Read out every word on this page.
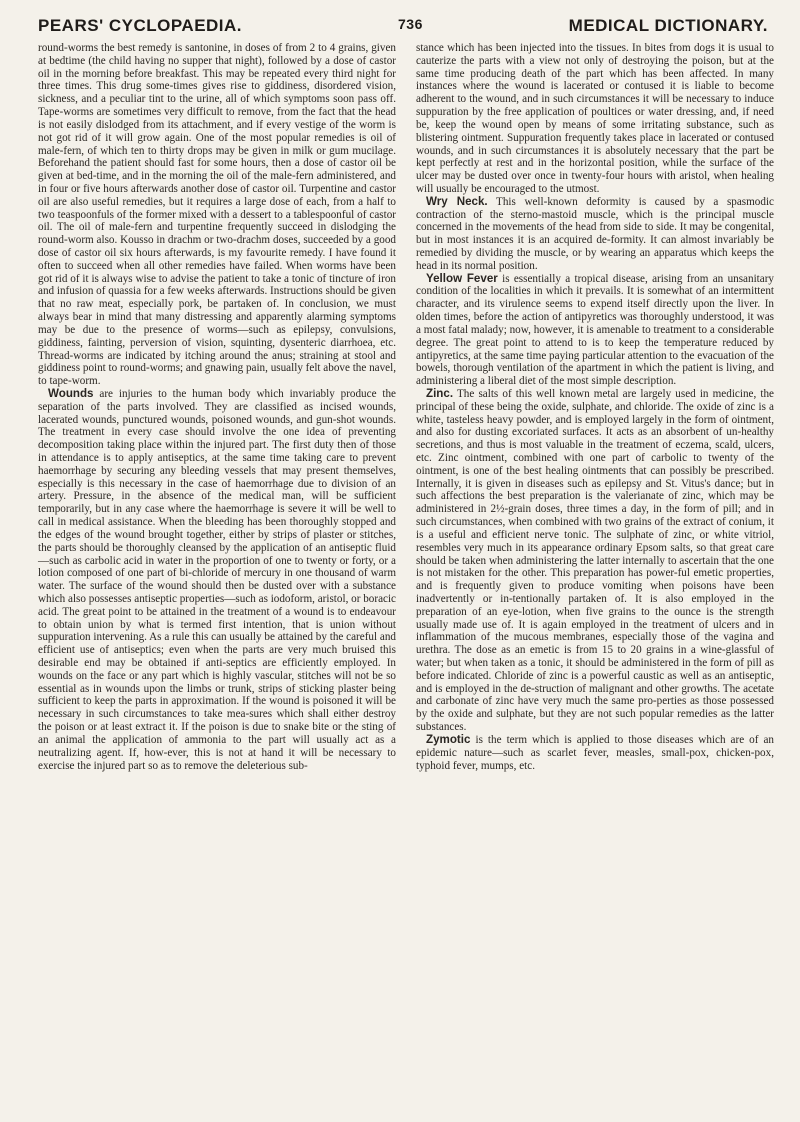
PEARS' CYCLOPAEDIA.	736	MEDICAL DICTIONARY.

round-worms the best remedy is santonine, in doses of from 2 to 4 grains, given at bedtime (the child having no supper that night), followed by a dose of castor oil in the morning before breakfast. This may be repeated every third night for three times. This drug some-times gives rise to giddiness, disordered vision, sickness, and a peculiar tint to the urine, all of which symptoms soon pass off. Tape-worms are sometimes very difficult to remove, from the fact that the head is not easily dislodged from its attachment, and if every vestige of the worm is not got rid of it will grow again. One of the most popular remedies is oil of male-fern, of which ten to thirty drops may be given in milk or gum mucilage. Beforehand the patient should fast for some hours, then a dose of castor oil be given at bed-time, and in the morning the oil of the male-fern administered, and in four or five hours afterwards another dose of castor oil. Turpentine and castor oil are also useful remedies, but it requires a large dose of each, from a half to two teaspoonfuls of the former mixed with a dessert to a tablespoonful of castor oil. The oil of male-fern and turpentine frequently succeed in dislodging the round-worm also. Kousso in drachm or two-drachm doses, succeeded by a good dose of castor oil six hours afterwards, is my favourite remedy. I have found it often to succeed when all other remedies have failed. When worms have been got rid of it is always wise to advise the patient to take a tonic of tincture of iron and infusion of quassia for a few weeks afterwards. Instructions should be given that no raw meat, especially pork, be partaken of. In conclusion, we must always bear in mind that many distressing and apparently alarming symptoms may be due to the presence of worms—such as epilepsy, convulsions, giddiness, fainting, perversion of vision, squinting, dysenteric diarrhoea, etc. Thread-worms are indicated by itching around the anus; straining at stool and giddiness point to round-worms; and gnawing pain, usually felt above the navel, to tape-worm.

Wounds are injuries to the human body which invariably produce the separation of the parts involved. They are classified as incised wounds, lacerated wounds, punctured wounds, poisoned wounds, and gun-shot wounds. The treatment in every case should involve the one idea of preventing decomposition taking place within the injured part. The first duty then of those in attendance is to apply antiseptics, at the same time taking care to prevent haemorrhage by securing any bleeding vessels that may present themselves, especially is this necessary in the case of haemorrhage due to division of an artery. Pressure, in the absence of the medical man, will be sufficient temporarily, but in any case where the haemorrhage is severe it will be well to call in medical assistance. When the bleeding has been thoroughly stopped and the edges of the wound brought together, either by strips of plaster or stitches, the parts should be thoroughly cleansed by the application of an antiseptic fluid—such as carbolic acid in water in the proportion of one to twenty or forty, or a lotion composed of one part of bi-chloride of mercury in one thousand of warm water. The surface of the wound should then be dusted over with a substance which also possesses antiseptic properties—such as iodoform, aristol, or boracic acid. The great point to be attained in the treatment of a wound is to endeavour to obtain union by what is termed first intention, that is union without suppuration intervening. As a rule this can usually be attained by the careful and efficient use of antiseptics; even when the parts are very much bruised this desirable end may be obtained if anti-septics are efficiently employed. In wounds on the face or any part which is highly vascular, stitches will not be so essential as in wounds upon the limbs or trunk, strips of sticking plaster being sufficient to keep the parts in approximation. If the wound is poisoned it will be necessary in such circumstances to take mea-sures which shall either destroy the poison or at least extract it. If the poison is due to snake bite or the sting of an animal the application of ammonia to the part will usually act as a neutralizing agent. If, how-ever, this is not at hand it will be necessary to exercise the injured part so as to remove the deleterious sub-

stance which has been injected into the tissues. In bites from dogs it is usual to cauterize the parts with a view not only of destroying the poison, but at the same time producing death of the part which has been affected. In many instances where the wound is lacerated or contused it is liable to become adherent to the wound, and in such circumstances it will be necessary to induce suppuration by the free application of poultices or water dressing, and, if need be, keep the wound open by means of some irritating substance, such as blistering ointment. Suppuration frequently takes place in lacerated or contused wounds, and in such circumstances it is absolutely necessary that the part be kept perfectly at rest and in the horizontal position, while the surface of the ulcer may be dusted over once in twenty-four hours with aristol, when healing will usually be encouraged to the utmost.

Wry Neck. This well-known deformity is caused by a spasmodic contraction of the sterno-mastoid muscle, which is the principal muscle concerned in the movements of the head from side to side. It may be congenital, but in most instances it is an acquired de-formity. It can almost invariably be remedied by dividing the muscle, or by wearing an apparatus which keeps the head in its normal position.

Yellow Fever is essentially a tropical disease, arising from an unsanitary condition of the localities in which it prevails. It is somewhat of an intermittent character, and its virulence seems to expend itself directly upon the liver. In olden times, before the action of antipyretics was thoroughly understood, it was a most fatal malady; now, however, it is amenable to treatment to a considerable degree. The great point to attend to is to keep the temperature reduced by antipyretics, at the same time paying particular attention to the evacuation of the bowels, thorough ventilation of the apartment in which the patient is living, and administering a liberal diet of the most simple description.

Zinc. The salts of this well known metal are largely used in medicine, the principal of these being the oxide, sulphate, and chloride. The oxide of zinc is a white, tasteless heavy powder, and is employed largely in the form of ointment, and also for dusting excoriated surfaces. It acts as an absorbent of un-healthy secretions, and thus is most valuable in the treatment of eczema, scald, ulcers, etc. Zinc ointment, combined with one part of carbolic to twenty of the ointment, is one of the best healing ointments that can possibly be prescribed. Internally, it is given in diseases such as epilepsy and St. Vitus's dance; but in such affections the best preparation is the valerianate of zinc, which may be administered in 2½-grain doses, three times a day, in the form of pill; and in such circumstances, when combined with two grains of the extract of conium, it is a useful and efficient nerve tonic. The sulphate of zinc, or white vitriol, resembles very much in its appearance ordinary Epsom salts, so that great care should be taken when administering the latter internally to ascertain that the one is not mistaken for the other. This preparation has power-ful emetic properties, and is frequently given to produce vomiting when poisons have been inadvertently or in-tentionally partaken of. It is also employed in the preparation of an eye-lotion, when five grains to the ounce is the strength usually made use of. It is again employed in the treatment of ulcers and in inflammation of the mucous membranes, especially those of the vagina and urethra. The dose as an emetic is from 15 to 20 grains in a wine-glassful of water; but when taken as a tonic, it should be administered in the form of pill as before indicated. Chloride of zinc is a powerful caustic as well as an antiseptic, and is employed in the de-struction of malignant and other growths. The acetate and carbonate of zinc have very much the same pro-perties as those possessed by the oxide and sulphate, but they are not such popular remedies as the latter substances.

Zymotic is the term which is applied to those diseases which are of an epidemic nature—such as scarlet fever, measles, small-pox, chicken-pox, typhoid fever, mumps, etc.
